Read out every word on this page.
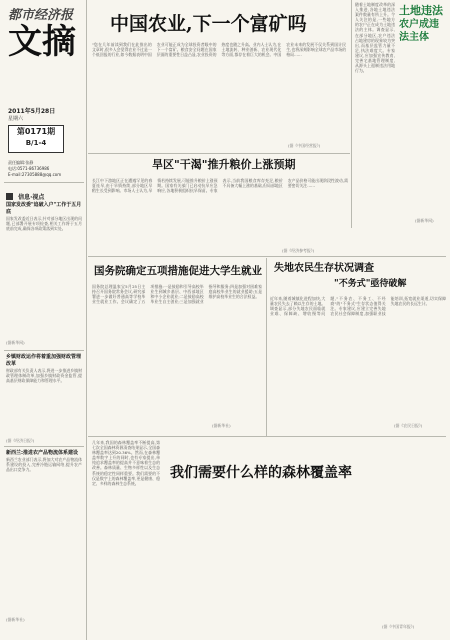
都市经济报
文摘
2011年5月28日
星期六
第0171期
B/1-4
责任编辑:张静
电话:0571-86736986
E-mail:27305888@qq.com
信息·视点
国家发改委"追破入户"工作于五月底
国家发改委近日表示,针对部分地区出现的问题,已部署开展专项检查,相关工作将于五月底前完成,确保各项政策落到实处。
(据新华网)
乡镇财政运作将着重加强财政管理改革
财政部有关负责人表示,将进一步推进乡镇财政管理体制改革,加强乡镇财政资金监管,提高基层财政保障能力和管理水平。
(据《经济日报》)
新西兰:推进农产品物流体系建设
新西兰农业部门表示,将加大对农产品物流体系建设的投入,完善冷链运输网络,提升农产品出口竞争力。
(据新华社)
中国农业,下一个富矿吗
"您在几年前读到我们在此推出的文章时,很多人会觉得农业不过是一个低回报的行业,如今数据表明中国农业可能正成为全球投资者眼中的下一个富矿。粮食安全问题在国家层面的重要性日益凸显,农业投资的热度也随之升高。业内人士认为,在土地流转、种业创新、农业现代化等方面,都存在着巨大的机会。中国农业未来的发展不仅关系到国计民生,也将深刻影响全球农产品市场的格局……
(据《中国经营报》)
随着土地制度改革的深入推进,各地土地违法案件数量有所上升。令人关注的是,一些地方的农户正在成为土地违法的主体。调查显示,在部分地区,农户违法占地建房的现象较为突出,而基层监管力量不足,执法难度大。专家建议,应加强宣传教育,完善宅基地管理制度,从源头上遏制违法用地行为。
土地违法
农户成违法主体
(据新华网)
旱区"干渴"推升粮价上涨预期
长江中下游地区正在遭遇罕见的春夏连旱,由于旱情持续,部分地区早稻生长受到影响。市场人士认为,旱情若持续发展,可能推升粮价上涨预期。国家有关部门已启动抗旱应急响应,各地积极组织抗旱保苗。专家表示,当前我国粮食库存充足,粮价不具备大幅上涨的基础,但局部地区农产品价格可能出现阶段性波动,需要密切关注……
(据《经济参考报》)
国务院确定五项措施促进大学生就业
国务院总理温家宝5月25日主持召开国务院常务会议,研究部署进一步做好普通高等学校毕业生就业工作。会议确定了五项措施:一是鼓励和引导高校毕业生到城乡基层、中西部地区和中小企业就业;二是鼓励高校毕业生自主创业;三是加强就业指导和服务;四是加强对困难家庭高校毕业生的就业援助;五是维护高校毕业生的合法权益。
(据新华社)
失地农民生存状况调查
"不务式"亟待破解
近年来,随着城镇化进程加快,大量农民失去了赖以生存的土地。调查显示,部分失地农民面临就业难、保障缺、增收慢等问题,"不务农、不务工、不经商"的"不务式"生存状态值得关注。专家建议,应建立完善失地农民社会保障制度,加强职业技能培训,拓宽就业渠道,切实保障失地农民的长远生计。
(据《农民日报》)
几年来,我国的森林覆盖率不断提高,第七次全国森林资源清查结果显示,全国森林覆盖率达到20.36%。然而,在森林覆盖率数字上升的同时,也有专家提出,单纯追求覆盖率的提高并不意味着生态的改善。森林质量、生物多样性以及生态系统的稳定性同样重要。我们需要的不仅是数字上的森林覆盖率,更是健康、稳定、多样的森林生态系统。
我们需要什么样的森林覆盖率
(据《中国青年报》)
